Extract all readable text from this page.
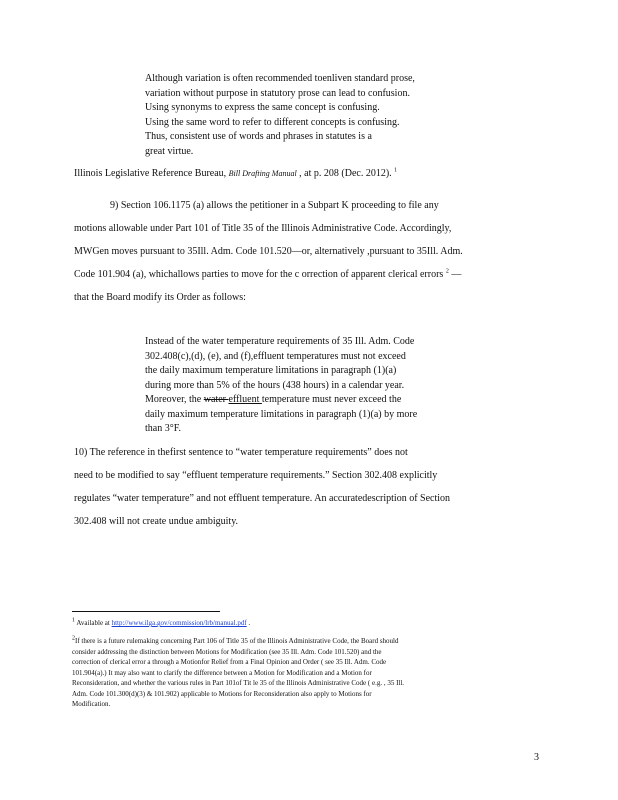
Although variation is often recommended toenliven standard prose,
variation without purpose in statutory prose can lead to confusion.
Using synonyms to express the same concept is confusing.
Using the same word to refer to different concepts is confusing.
Thus, consistent use of words and phrases in statutes is a
great virtue.
Illinois Legislative Reference Bureau, Bill Drafting Manual , at p. 208 (Dec. 2012). $^1$
9) Section 106.1175 (a) allows the petitioner in a Subpart K proceeding to file any
motions allowable under Part 101 of Title 35 of the Illinois Administrative Code. Accordingly,
MWGen moves pursuant to 35Ill. Adm. Code 101.520—or, alternatively ,pursuant to 35Ill. Adm.
Code 101.904 (a), whichallows parties to move for the c orrection of apparent clerical errors $^2$ —
that the Board modify its Order as follows:
Instead of the water temperature requirements of 35 Ill. Adm. Code
302.408(c),(d), (e), and (f),effluent temperatures must not exceed
the daily maximum temperature limitations in paragraph (1)(a)
during more than 5% of the hours (438 hours) in a calendar year.
Moreover, the water effluent temperature must never exceed the
daily maximum temperature limitations in paragraph (1)(a) by more
than 3°F.
10) The reference in thefirst sentence to “water temperature requirements” does not
need to be modified to say “effluent temperature requirements.” Section 302.408 explicitly
regulates “water temperature” and not effluent temperature. An accuratedescription of Section
302.408 will not create undue ambiguity.
1 Available at http://www.ilga.gov/commission/lrb/manual.pdf .
2If there is a future rulemaking concerning Part 106 of Title 35 of the Illinois Administrative Code, the Board should
consider addressing the distinction between Motions for Modification (see 35 Ill. Adm. Code 101.520) and the
correction of clerical error a through a Motionfor Relief from a Final Opinion and Order ( see 35 Ill. Adm. Code
101.904(a).) It may also want to clarify the difference between a Motion for Modification and a Motion for
Reconsideration, and whether the various rules in Part 101of Tit le 35 of the Illinois Administrative Code ( e.g. , 35 Ill.
Adm. Code 101.300(d)(3) & 101.902) applicable to Motions for Reconsideration also apply to Motions for
Modification.
3
